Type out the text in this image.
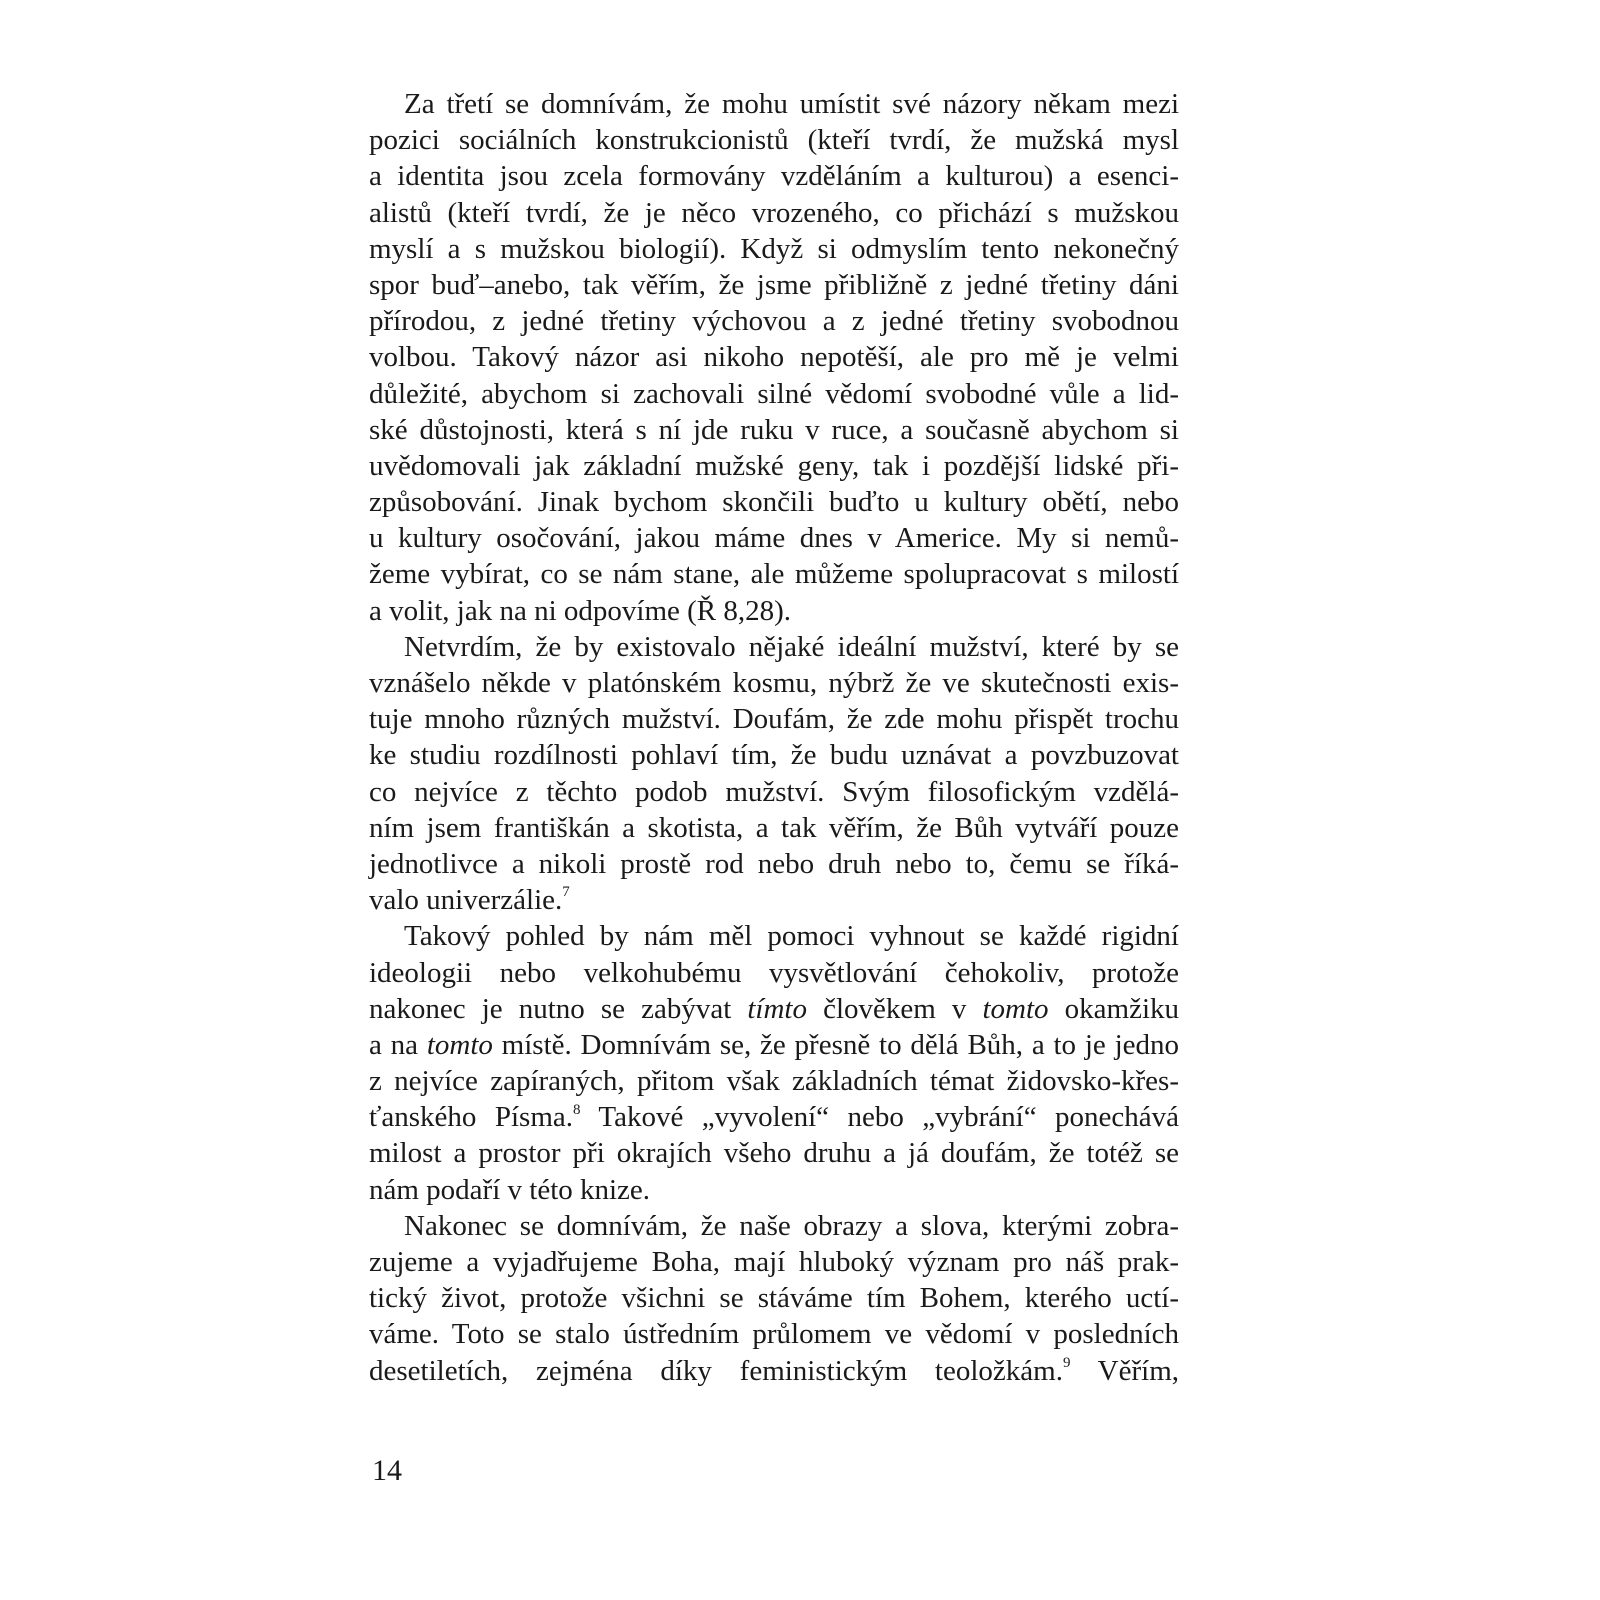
Za třetí se domnívám, že mohu umístit své názory někam mezi
pozici sociálních konstrukcionistů (kteří tvrdí, že mužská mysl
a identita jsou zcela formovány vzděláním a kulturou) a esenci-
alistů (kteří tvrdí, že je něco vrozeného, co přichází s mužskou
myslí a s mužskou biologií). Když si odmyslím tento nekonečný
spor buď–anebo, tak věřím, že jsme přibližně z jedné třetiny dáni
přírodou, z jedné třetiny výchovou a z jedné třetiny svobodnou
volbou. Takový názor asi nikoho nepotěší, ale pro mě je velmi
důležité, abychom si zachovali silné vědomí svobodné vůle a lid-
ské důstojnosti, která s ní jde ruku v ruce, a současně abychom si
uvědomovali jak základní mužské geny, tak i pozdější lidské při-
způsobování. Jinak bychom skončili buďto u kultury obětí, nebo
u kultury osočování, jakou máme dnes v Americe. My si nemů-
žeme vybírat, co se nám stane, ale můžeme spolupracovat s milostí
a volit, jak na ni odpovíme (Ř 8,28).
Netvrdím, že by existovalo nějaké ideální mužství, které by se
vznášelo někde v platónském kosmu, nýbrž že ve skutečnosti exis-
tuje mnoho různých mužství. Doufám, že zde mohu přispět trochu
ke studiu rozdílnosti pohlaví tím, že budu uznávat a povzbuzovat
co nejvíce z těchto podob mužství. Svým filosofickým vzdělá-
ním jsem františkán a skotista, a tak věřím, že Bůh vytváří pouze
jednotlivce a nikoli prostě rod nebo druh nebo to, čemu se říká-
valo univerzálie.$^7$
Takový pohled by nám měl pomoci vyhnout se každé rigidní
ideologii nebo velkohubému vysvětlování čehokoliv, protože
nakonec je nutno se zabývat tímto člověkem v tomto okamžiku
a na tomto místě. Domnívám se, že přesně to dělá Bůh, a to je jedno
z nejvíce zapíraných, přitom však základních témat židovsko-křes-
ťanského Písma.$^8$ Takové „vyvolení“ nebo „vybrání“ ponechává
milost a prostor při okrajích všeho druhu a já doufám, že totéž se
nám podaří v této knize.
Nakonec se domnívám, že naše obrazy a slova, kterými zobra-
zujeme a vyjadřujeme Boha, mají hluboký význam pro náš prak-
tický život, protože všichni se stáváme tím Bohem, kterého uctí-
váme. Toto se stalo ústředním průlomem ve vědomí v posledních
desetiletích, zejména díky feministickým teoložkám.$^9$ Věřím,
14
